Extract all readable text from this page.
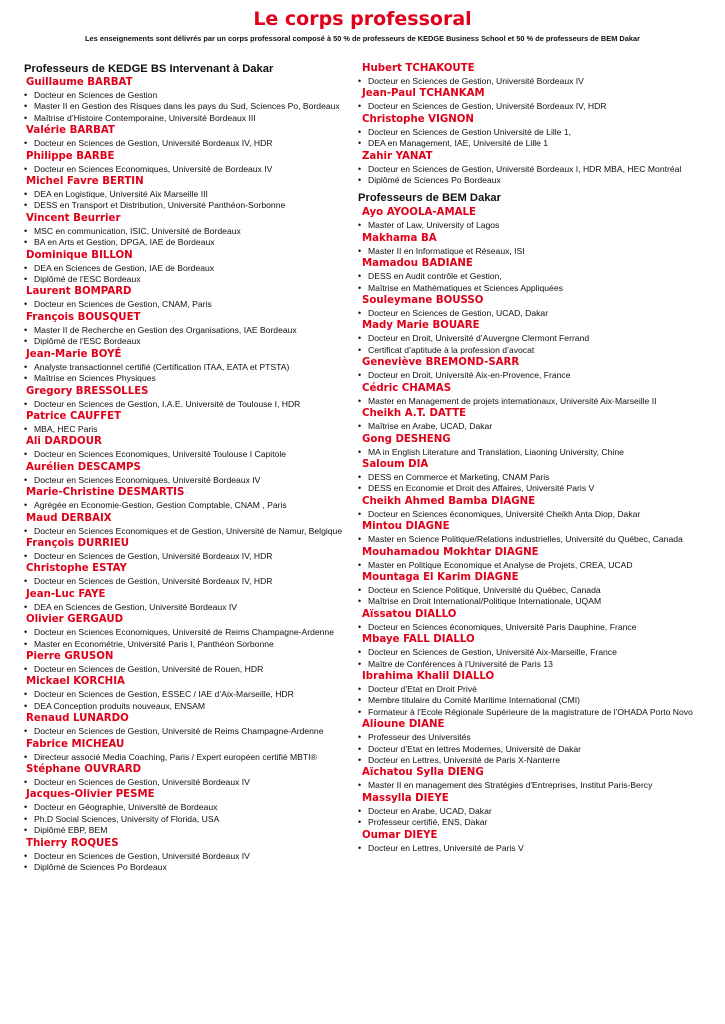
Le corps professoral
Les enseignements sont délivrés par un corps professoral composé à 50 % de professeurs de KEDGE Business School et 50 % de professeurs de BEM Dakar
Professeurs de KEDGE BS Intervenant à Dakar
Guillaume BARBAT
• Docteur en Sciences de Gestion
• Master II en Gestion des Risques dans les pays du Sud, Sciences Po, Bordeaux
• Maîtrise d’Histoire Contemporaine, Université Bordeaux III
Valérie BARBAT
• Docteur en Sciences de Gestion, Université Bordeaux IV, HDR
Philippe BARBE
• Docteur en Sciences Economiques, Université de Bordeaux IV
Michel Favre BERTIN
• DEA en Logistique, Université Aix Marseille III
• DESS en Transport et Distribution, Université Panthéon-Sorbonne
Vincent Beurrier
• MSC en communication, ISIC, Université de Bordeaux
• BA en Arts et Gestion, DPGA, IAE de Bordeaux
Dominique BILLON
• DEA en Sciences de Gestion, IAE de Bordeaux
• Diplômé de l’ESC Bordeaux
Laurent BOMPARD
• Docteur en Sciences de Gestion, CNAM, Paris
François BOUSQUET
• Master II de Recherche en Gestion des Organisations, IAE Bordeaux
• Diplômé de l’ESC Bordeaux
Jean-Marie BOYÉ
• Analyste transactionnel certifié (Certification ITAA, EATA et PTSTA)
• Maîtrise en Sciences Physiques
Gregory BRESSOLLES
• Docteur en Sciences de Gestion, I.A.E. Université de Toulouse I, HDR
Patrice CAUFFET
• MBA, HEC Paris
Ali DARDOUR
• Docteur en Sciences Economiques, Université Toulouse I Capitole
Aurélien DESCAMPS
• Docteur en Sciences Economiques, Université Bordeaux IV
Marie-Christine DESMARTIS
• Agrégée en Economie-Gestion, Gestion Comptable, CNAM , Paris
Maud DERBAIX
• Docteur en Sciences Economiques et de Gestion, Université de Namur, Belgique
François DURRIEU
• Docteur en Sciences de Gestion, Université Bordeaux IV, HDR
Christophe ESTAY
• Docteur en Sciences de Gestion, Université Bordeaux IV, HDR
Jean-Luc FAYE
• DEA en Sciences de Gestion, Université Bordeaux IV
Olivier GERGAUD
• Docteur en Sciences Economiques, Université de Reims Champagne-Ardenne
• Master en Econométrie, Université Paris I, Panthéon Sorbonne
Pierre GRUSON
• Docteur en Sciences de Gestion, Université de Rouen, HDR
Mickael KORCHIA
• Docteur en Sciences de Gestion, ESSEC / IAE d’Aix-Marseille, HDR
• DEA Conception produits nouveaux, ENSAM
Renaud LUNARDO
• Docteur en Sciences de Gestion, Université de Reims Champagne-Ardenne
Fabrice MICHEAU
• Directeur associé Media Coaching, Paris / Expert européen certifié MBTI®
Stéphane OUVRARD
• Docteur en Sciences de Gestion, Université Bordeaux IV
Jacques-Olivier PESME
• Docteur en Géographie, Université de Bordeaux
• Ph.D Social Sciences, University of Florida, USA
• Diplômé EBP, BEM
Thierry ROQUES
• Docteur en Sciences de Gestion, Université Bordeaux IV
• Diplômé de Sciences Po Bordeaux
Hubert TCHAKOUTE
• Docteur en Sciences de Gestion, Université Bordeaux IV
Jean-Paul TCHANKAM
• Docteur en Sciences de Gestion, Université Bordeaux IV, HDR
Christophe VIGNON
• Docteur en Sciences de Gestion Université de Lille 1,
• DEA en Management, IAE, Université de Lille 1
Zahir YANAT
• Docteur en Sciences de Gestion, Université Bordeaux I, HDR MBA, HEC Montréal
• Diplômé de Sciences Po Bordeaux
Professeurs de BEM Dakar
Ayo AYOOLA-AMALE
• Master of Law, University of Lagos
Makhama BA
• Master II en Informatique et Réseaux, ISI
Mamadou BADIANE
• DESS en Audit contrôle et Gestion,
• Maîtrise en Mathématiques et Sciences Appliquées
Souleymane BOUSSO
• Docteur en Sciences de Gestion, UCAD, Dakar
Mady Marie BOUARE
• Docteur en Droit, Université d’Auvergne Clermont Ferrand
• Certificat d’aptitude à la profession d’avocat
Geneviève BREMOND-SARR
• Docteur en Droit, Université Aix-en-Provence, France
Cédric CHAMAS
• Master en Management de projets internationaux, Université Aix-Marseille II
Cheikh A.T. DATTE
• Maîtrise en Arabe, UCAD, Dakar
Gong DESHENG
• MA in English Literature and Translation, Liaoning University, Chine
Saloum DIA
• DESS en Commerce et Marketing, CNAM Paris
• DESS en Economie et Droit des Affaires, Université Paris V
Cheikh Ahmed Bamba DIAGNE
• Docteur en Sciences économiques, Université Cheikh Anta Diop, Dakar
Mintou DIAGNE
• Master en Science Politique/Relations industrielles, Université du Québec, Canada
Mouhamadou Mokhtar DIAGNE
• Master en Politique Economique et Analyse de Projets, CREA, UCAD
Mountaga El Karim DIAGNE
• Docteur en Science Politique, Université du Québec, Canada
• Maîtrise en Droit International/Politique Internationale, UQAM
Aïssatou DIALLO
• Docteur en Sciences économiques, Université Paris Dauphine, France
Mbaye FALL DIALLO
• Docteur en Sciences de Gestion, Université Aix-Marseille, France
• Maître de Conférences à l’Université de Paris 13
Ibrahima Khalil DIALLO
• Docteur d’Etat en Droit Privé
• Membre titulaire du Comité Maritime International (CMI)
• Formateur à l’Ecole Régionale Supérieure de la magistrature de l’OHADA Porto Novo
Alioune DIANE
• Professeur des Universités
• Docteur d’Etat en lettres Modernes, Université de Dakar
• Docteur en Lettres, Université de Paris X-Nanterre
Aïchatou Sylla DIENG
• Master II en management des Stratégies d'Entreprises, Institut Paris-Bercy
Massylla DIEYE
• Docteur en Arabe, UCAD, Dakar
• Professeur certifié, ENS, Dakar
Oumar DIEYE
• Docteur en Lettres, Université de Paris V
